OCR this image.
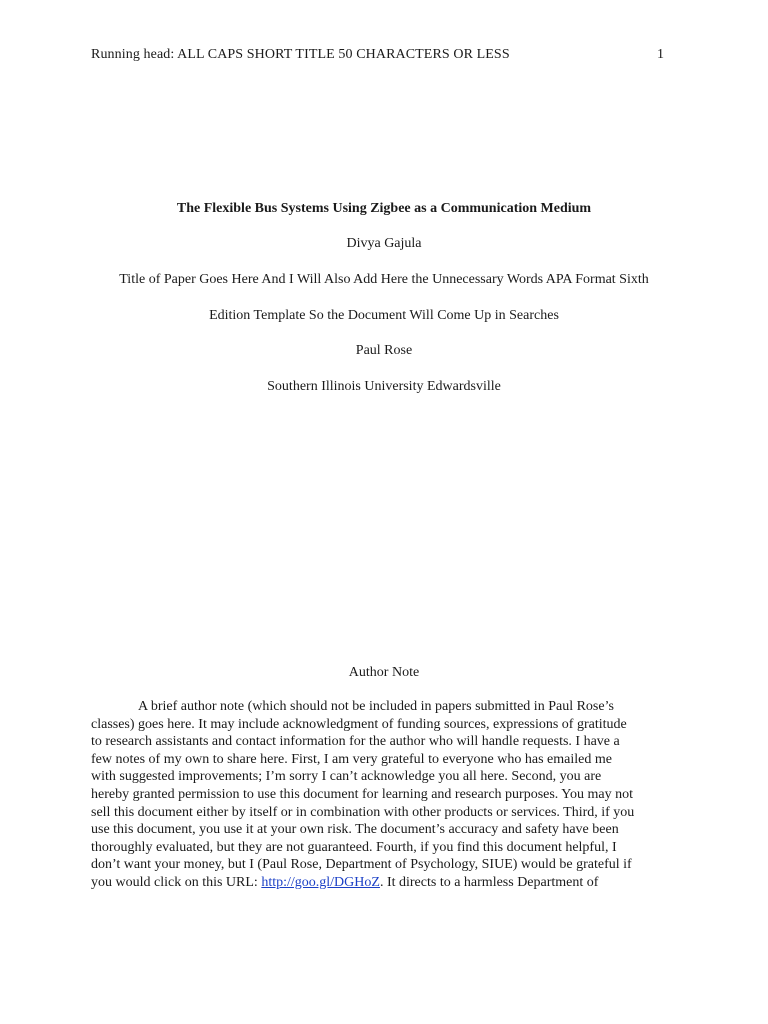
Running head: ALL CAPS SHORT TITLE 50 CHARACTERS OR LESS	1
The Flexible Bus Systems Using Zigbee as a Communication Medium
Divya Gajula
Title of Paper Goes Here And I Will Also Add Here the Unnecessary Words APA Format Sixth
Edition Template So the Document Will Come Up in Searches
Paul Rose
Southern Illinois University Edwardsville
Author Note
A brief author note (which should not be included in papers submitted in Paul Rose’s
classes) goes here. It may include acknowledgment of funding sources, expressions of gratitude
to research assistants and contact information for the author who will handle requests. I have a
few notes of my own to share here. First, I am very grateful to everyone who has emailed me
with suggested improvements; I’m sorry I can’t acknowledge you all here. Second, you are
hereby granted permission to use this document for learning and research purposes. You may not
sell this document either by itself or in combination with other products or services. Third, if you
use this document, you use it at your own risk. The document’s accuracy and safety have been
thoroughly evaluated, but they are not guaranteed. Fourth, if you find this document helpful, I
don’t want your money, but I (Paul Rose, Department of Psychology, SIUE) would be grateful if
you would click on this URL: http://goo.gl/DGHoZ. It directs to a harmless Department of
